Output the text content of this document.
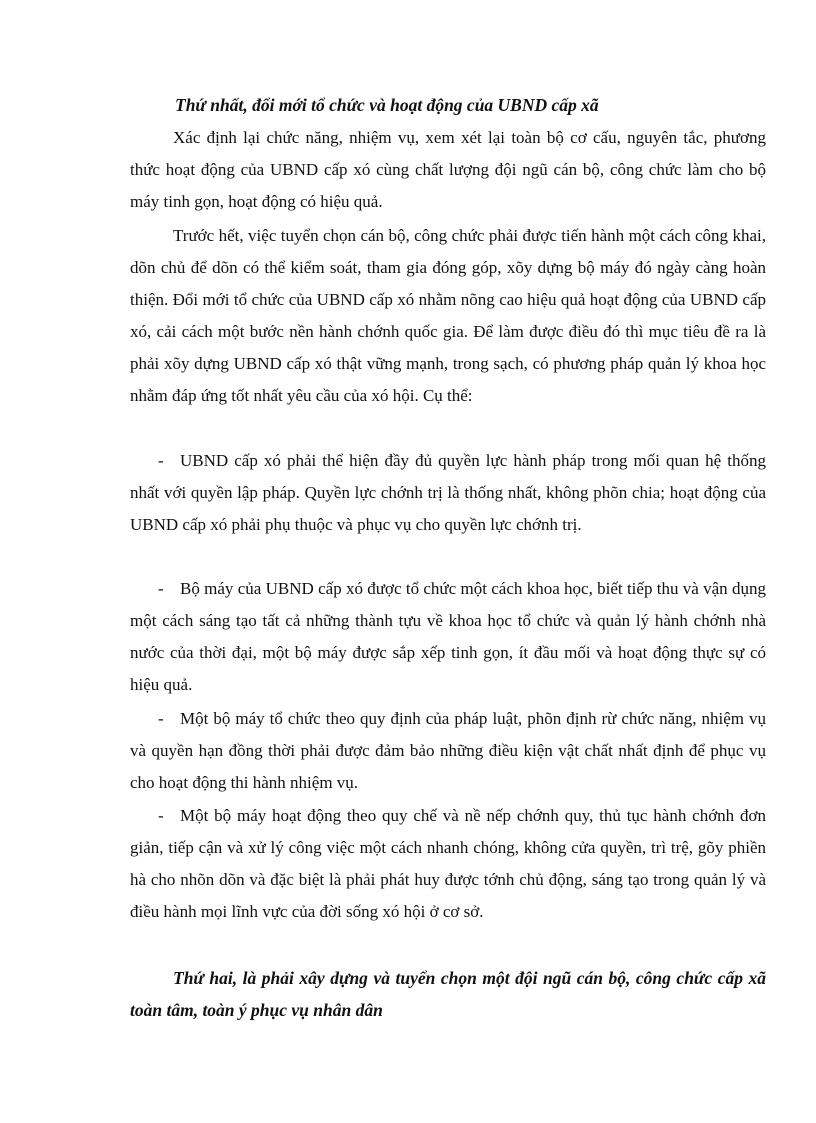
Thứ nhất, đổi mới tổ chức và hoạt động của UBND cấp xã
Xác định lại chức năng, nhiệm vụ, xem xét lại toàn bộ cơ cấu, nguyên tắc, phương thức hoạt động của UBND cấp xó cùng chất lượng đội ngũ cán bộ, công chức làm cho bộ máy tinh gọn, hoạt động có hiệu quả.
Trước hết, việc tuyển chọn cán bộ, công chức phải được tiến hành một cách công khai, dõn chủ để dõn có thể kiểm soát, tham gia đóng góp, xõy dựng bộ máy đó ngày càng hoàn thiện. Đổi mới tổ chức của UBND cấp xó nhằm nõng cao hiệu quả hoạt động của UBND cấp xó, cải cách một bước nền hành chớnh quốc gia. Để làm được điều đó thì mục tiêu đề ra là phải xõy dựng UBND cấp xó thật vững mạnh, trong sạch, có phương pháp quản lý khoa học nhằm đáp ứng tốt nhất yêu cầu của xó hội. Cụ thể:
- UBND cấp xó phải thể hiện đầy đủ quyền lực hành pháp trong mối quan hệ thống nhất với quyền lập pháp. Quyền lực chớnh trị là thống nhất, không phõn chia; hoạt động của UBND cấp xó phải phụ thuộc và phục vụ cho quyền lực chớnh trị.
- Bộ máy của UBND cấp xó được tổ chức một cách khoa học, biết tiếp thu và vận dụng một cách sáng tạo tất cả những thành tựu về khoa học tổ chức và quản lý hành chớnh nhà nước của thời đại, một bộ máy được sắp xếp tinh gọn, ít đầu mối và hoạt động thực sự có hiệu quả.
- Một bộ máy tổ chức theo quy định của pháp luật, phõn định rừ chức năng, nhiệm vụ và quyền hạn đồng thời phải được đảm bảo những điều kiện vật chất nhất định để phục vụ cho hoạt động thi hành nhiệm vụ.
- Một bộ máy hoạt động theo quy chế và nề nếp chớnh quy, thủ tục hành chớnh đơn giản, tiếp cận và xử lý công việc một cách nhanh chóng, không cửa quyền, trì trệ, gõy phiền hà cho nhõn dõn và đặc biệt là phải phát huy được tớnh chủ động, sáng tạo trong quản lý và điều hành mọi lĩnh vực của đời sống xó hội ở cơ sở.
Thứ hai, là phải xây dựng và tuyển chọn một đội ngũ cán bộ, công chức cấp xã toàn tâm, toàn ý phục vụ nhân dân
